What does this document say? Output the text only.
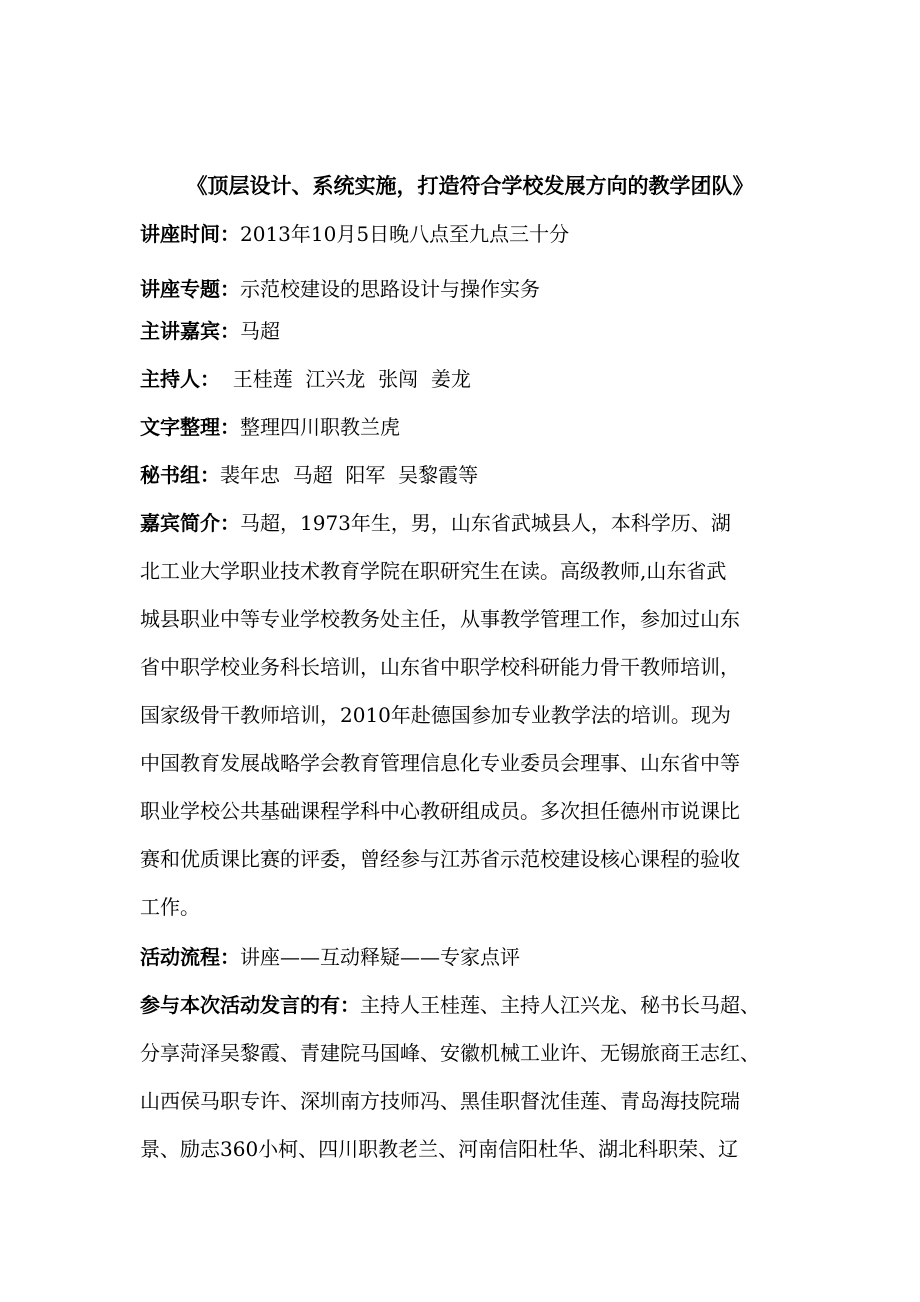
《顶层设计、系统实施，打造符合学校发展方向的教学团队》
讲座时间：2013年10月5日晚八点至九点三十分
讲座专题：示范校建设的思路设计与操作实务
主讲嘉宾：马超
主持人：  王桂莲  江兴龙  张闯  姜龙
文字整理：整理四川职教兰虎
秘书组：裴年忠  马超  阳军  吴黎霞等
嘉宾简介：马超，1973年生，男，山东省武城县人，本科学历、湖
北工业大学职业技术教育学院在职研究生在读。高级教师,山东省武
城县职业中等专业学校教务处主任，从事教学管理工作，参加过山东
省中职学校业务科长培训，山东省中职学校科研能力骨干教师培训，
国家级骨干教师培训，2010年赴德国参加专业教学法的培训。现为
中国教育发展战略学会教育管理信息化专业委员会理事、山东省中等
职业学校公共基础课程学科中心教研组成员。多次担任德州市说课比
赛和优质课比赛的评委，曾经参与江苏省示范校建设核心课程的验收
工作。
活动流程：讲座——互动释疑——专家点评
参与本次活动发言的有：主持人王桂莲、主持人江兴龙、秘书长马超、
分享菏泽吴黎霞、青建院马国峰、安徽机械工业许、无锡旅商王志红、
山西侯马职专许、深圳南方技师冯、黑佳职督沈佳莲、青岛海技院瑞
景、励志360小柯、四川职教老兰、河南信阳杜华、湖北科职荣、辽
